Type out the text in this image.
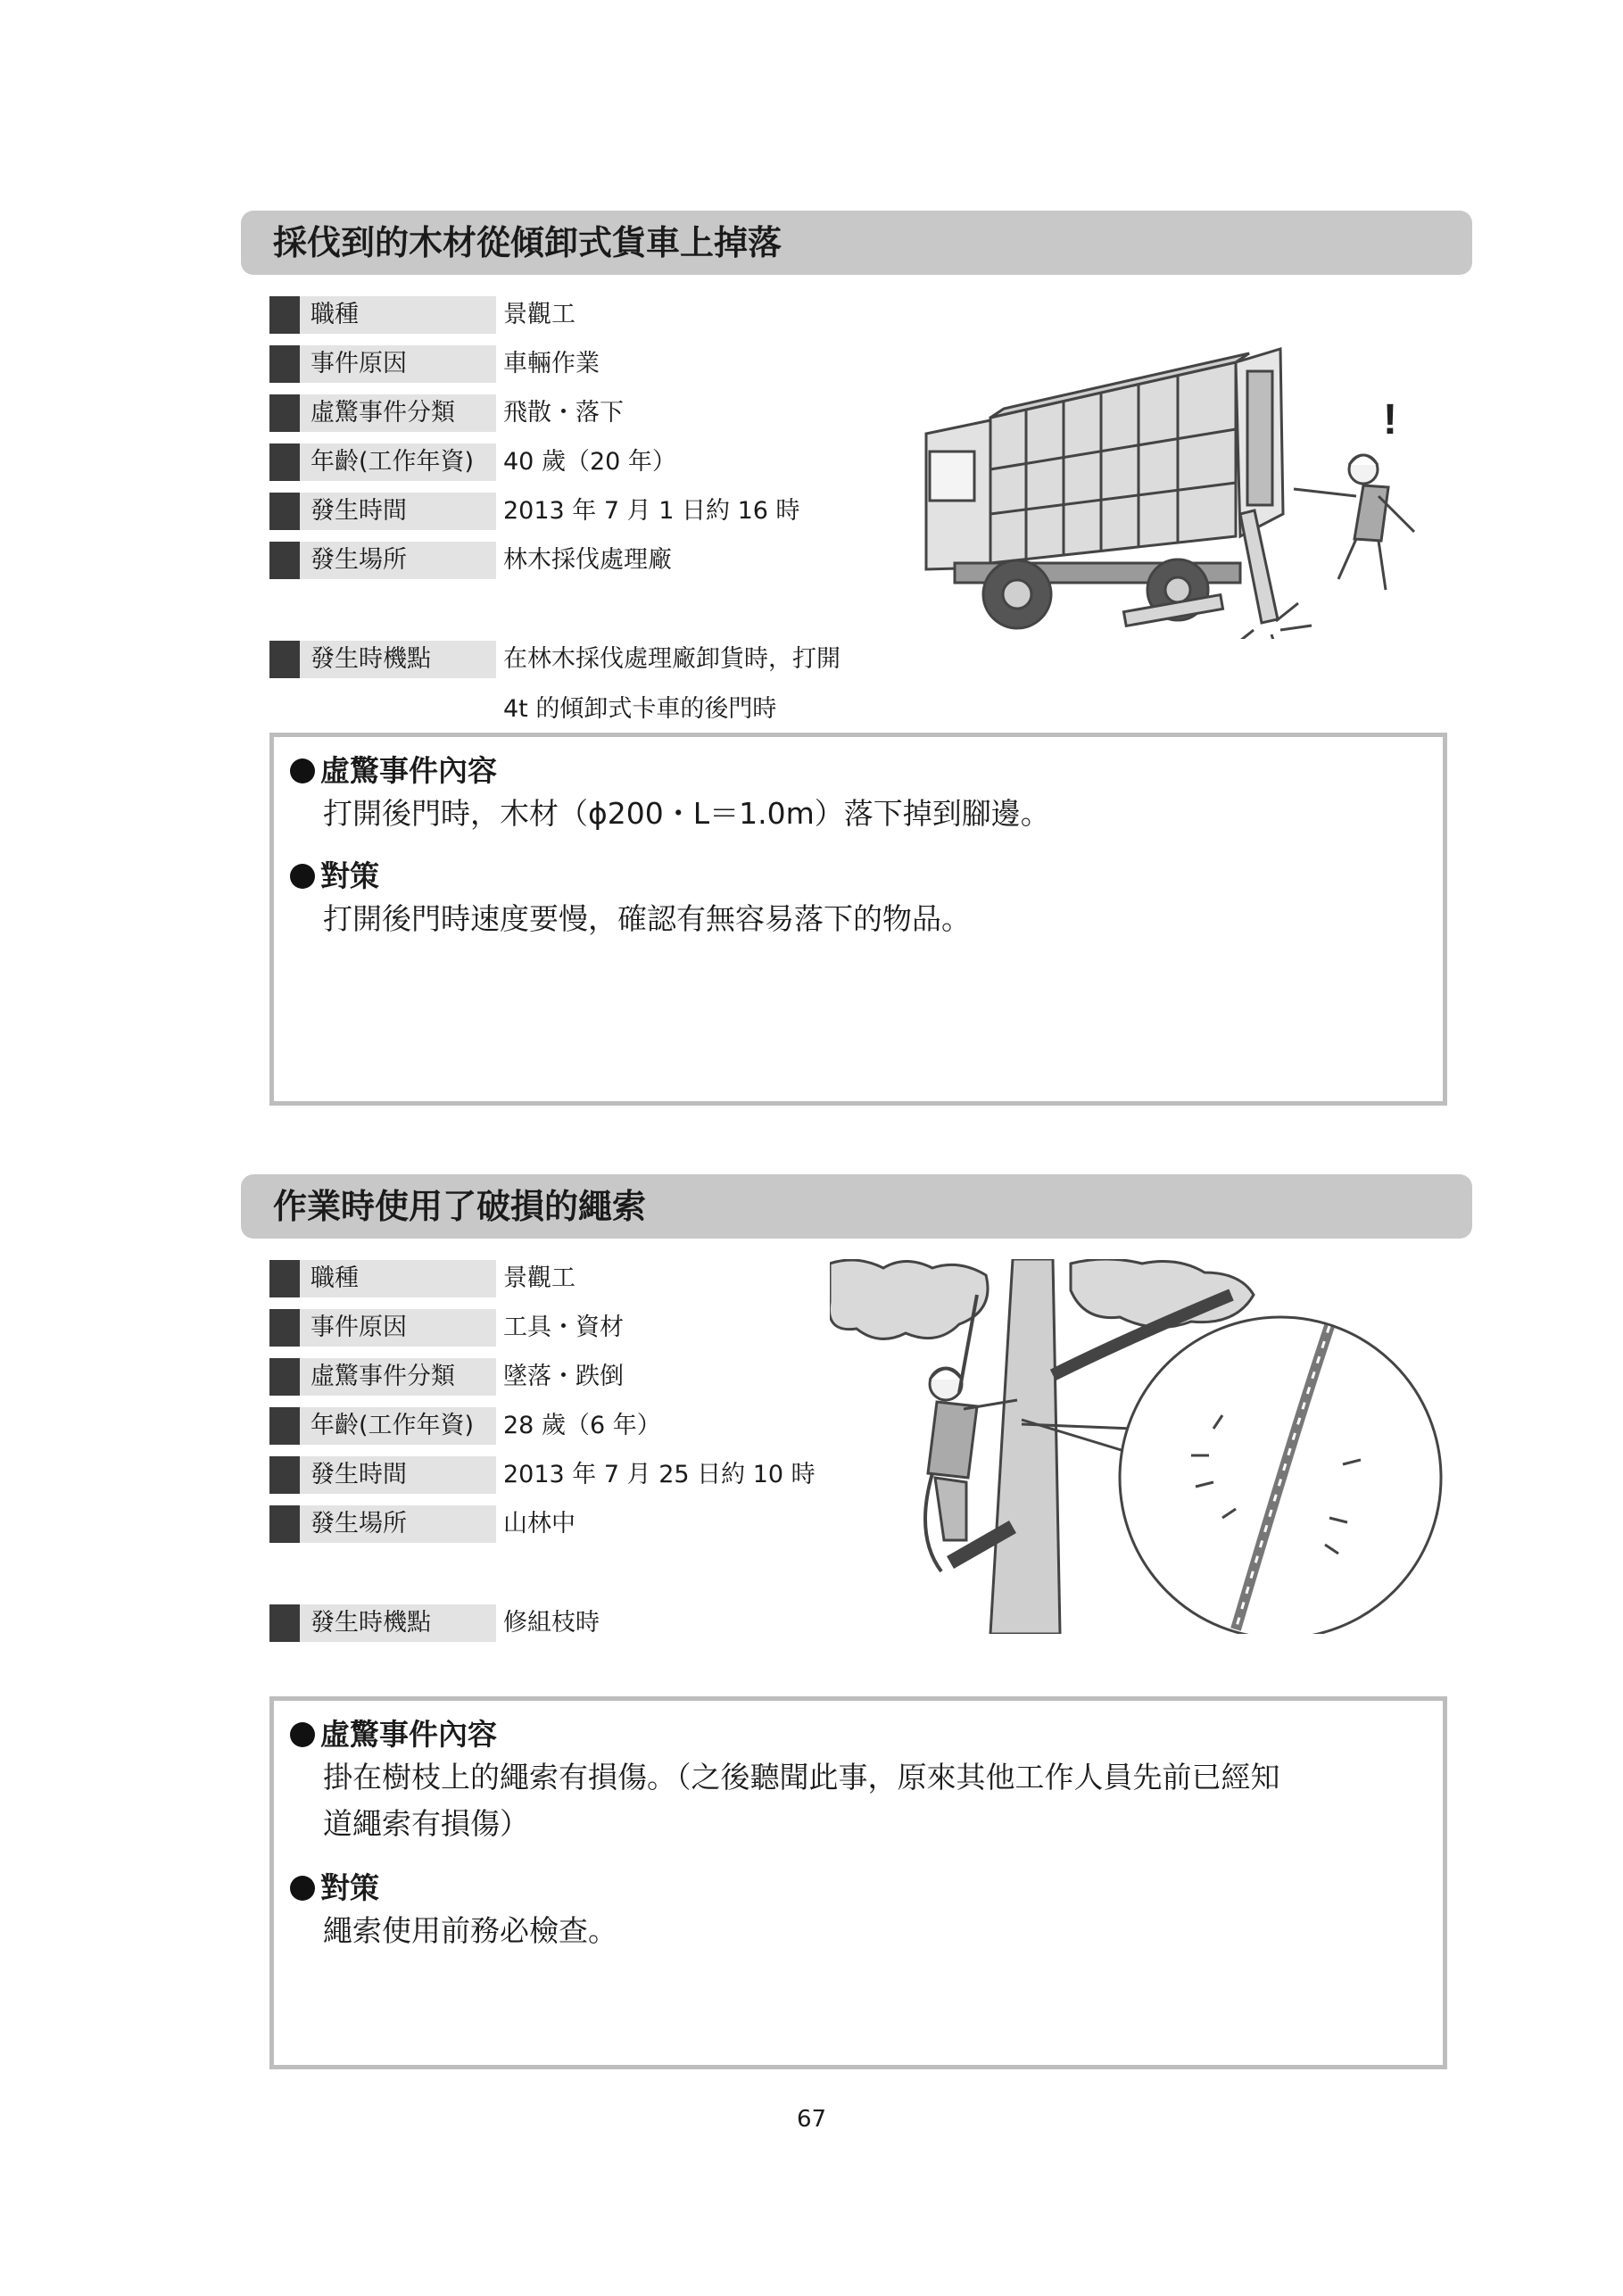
採伐到的木材從傾卸式貨車上掉落
職種	景觀工
事件原因	車輛作業
虛驚事件分類	飛散・落下
年齡(工作年資)	40 歲（20 年）
發生時間	2013 年 7 月 1 日約 16 時
發生場所	林木採伐處理廠
發生時機點	在林木採伐處理廠卸貨時，打開
4t 的傾卸式卡車的後門時
!
虛驚事件內容
打開後門時，木材（ϕ200・L＝1.0m）落下掉到腳邊。
對策
打開後門時速度要慢，確認有無容易落下的物品。
作業時使用了破損的繩索
職種	景觀工
事件原因	工具・資材
虛驚事件分類	墜落・跌倒
年齡(工作年資)	28 歲（6 年）
發生時間	2013 年 7 月 25 日約 10 時
發生場所	山林中
發生時機點	修組枝時
虛驚事件內容
掛在樹枝上的繩索有損傷。（之後聽聞此事，原來其他工作人員先前已經知
道繩索有損傷）
對策
繩索使用前務必檢查。
67
